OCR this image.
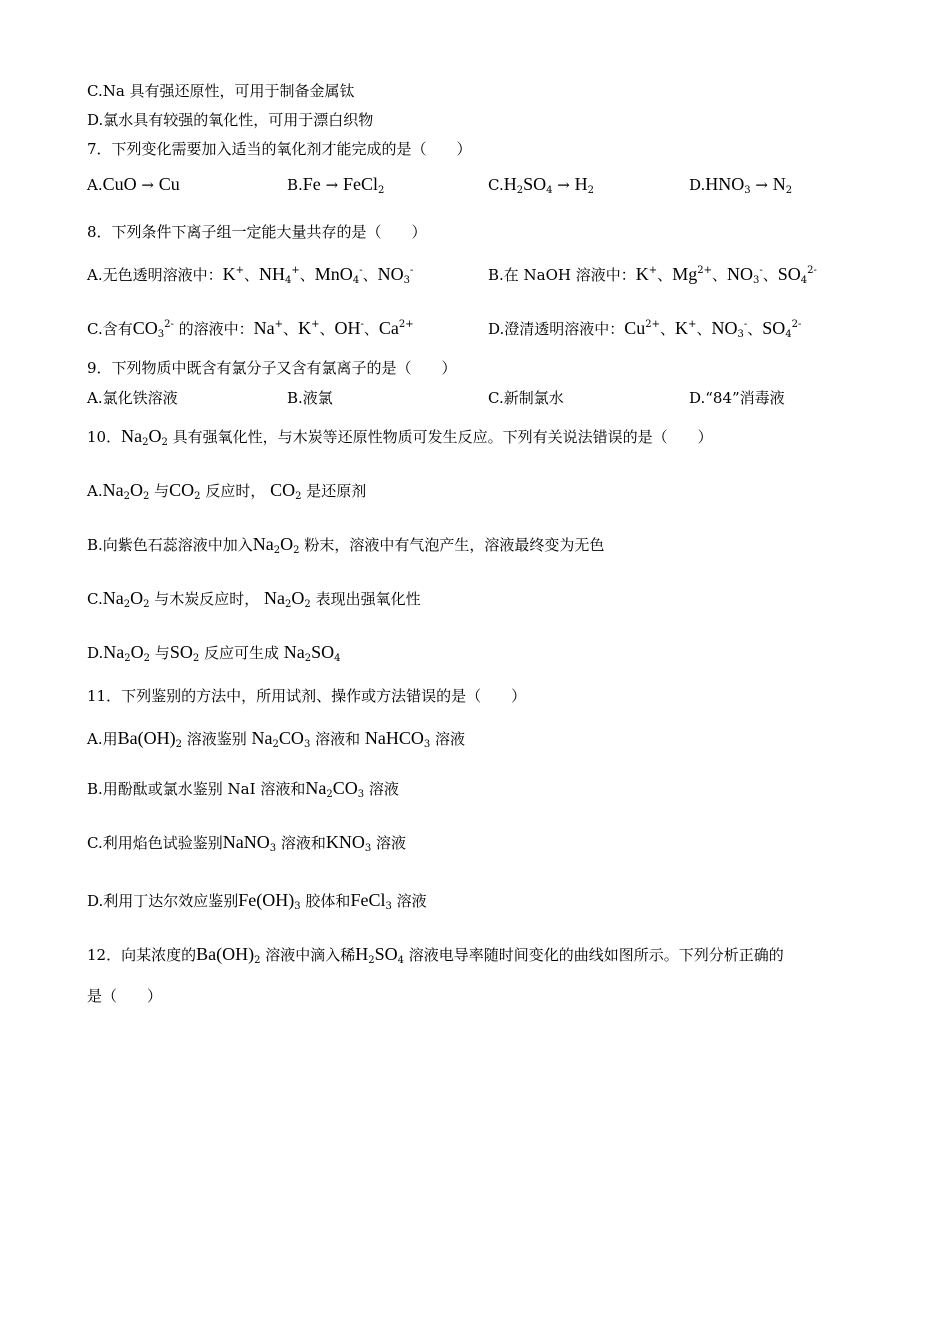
C.Na 具有强还原性，可用于制备金属钛
D.氯水具有较强的氧化性，可用于漂白织物
7．下列变化需要加入适当的氧化剂才能完成的是（　　）
A.CuO → Cu	B.Fe → FeCl$_2$	$C.H_2SO_4 \to H_2$	$D.HNO_3 \to N_2$
8．下列条件下离子组一定能大量共存的是（　　）
A.无色透明溶液中：K+、$NH_4^+$、MnO$_4$-、$NO_3^-$	B.在 NaOH 溶液中：K+、$Mg^{2+}$、$NO_3^-$、$SO_4^{2-}$
C.含有$CO_3^{2-}$ 的溶液中：Na+、K+、OH-、$Ca^{2+}$	D.澄清透明溶液中：$Cu^{2+}$、K+、$NO_3^-$、$SO_4^{2-}$
9．下列物质中既含有氯分子又含有氯离子的是（　　）
A.氯化铁溶液	B.液氯	C.新制氯水	D.“84”消毒液
10．$Na_2O_2$ 具有强氧化性，与木炭等还原性物质可发生反应。下列有关说法错误的是（　　）
$A.Na_2O_2$ 与$CO_2$ 反应时， $CO_2$ 是还原剂
B.向紫色石蕊溶液中加入$Na_2O_2$ 粉末，溶液中有气泡产生，溶液最终变为无色
$C.Na_2O_2$ 与木炭反应时， $Na_2O_2$ 表现出强氧化性
$D.Na_2O_2$ 与$SO_2$ 反应可生成 $Na_2SO_4$
11．下列鉴别的方法中，所用试剂、操作或方法错误的是（　　）
A.用$Ba(OH)_2$ 溶液鉴别 $Na_2CO_3$ 溶液和 NaHCO$_3$ 溶液
B.用酚酞或氯水鉴别 NaI 溶液和$Na_2CO_3$ 溶液
C.利用焰色试验鉴别NaNO$_3$ 溶液和$KNO_3$ 溶液
D.利用丁达尔效应鉴别$Fe(OH)_3$ 胶体和FeCl$_3$ 溶液
12．向某浓度的$Ba(OH)_2$ 溶液中滴入稀$H_2SO_4$ 溶液电导率随时间变化的曲线如图所示。下列分析正确的
是（　　）
